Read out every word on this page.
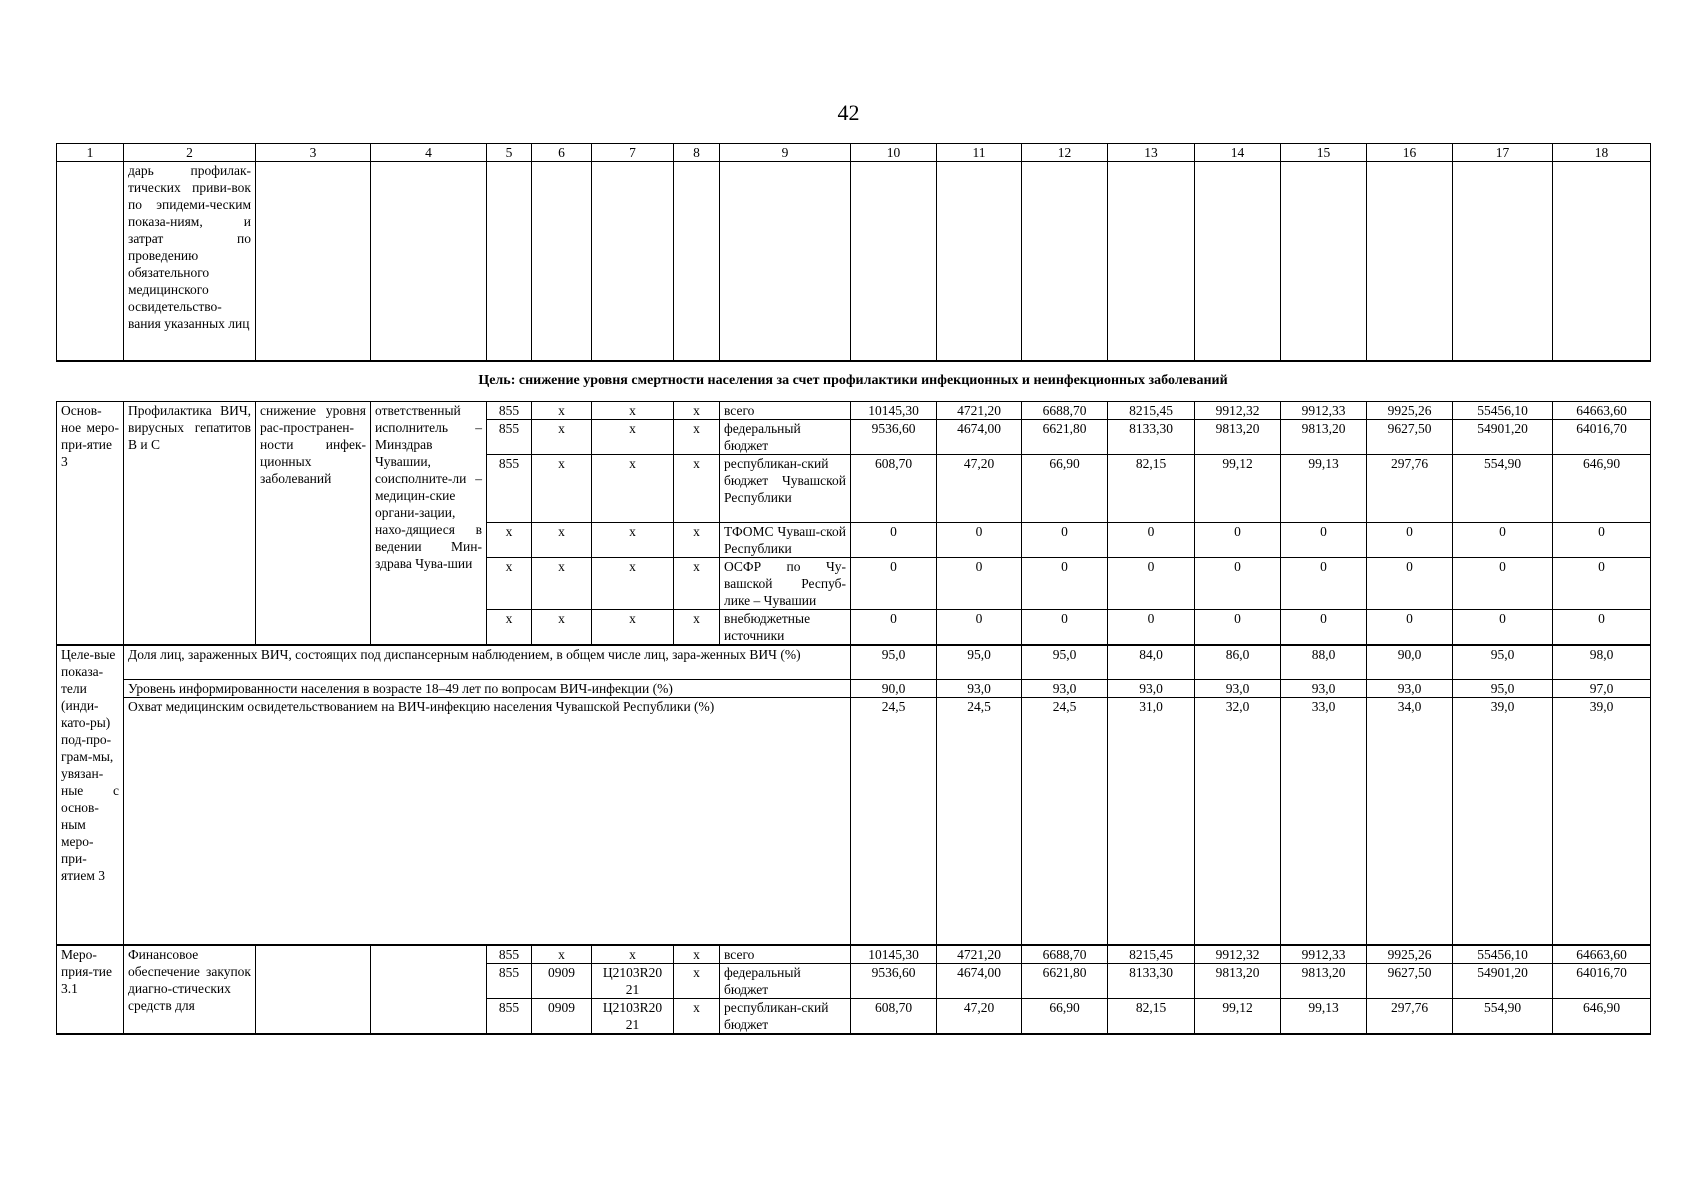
42
1	2	3	4	5	6	7	8	9	10	11	12	13	14	15	16	17	18
	дарь профилак-тических приви-вок по эпидеми-ческим показа-ниям, и затрат по проведению обязательного медицинского освидетельство-вания указанных лиц																
Цель: снижение уровня смертности населения за счет профилактики инфекционных и неинфекционных заболеваний
Основ-ное меро-при-ятие 3	Профилактика ВИЧ, вирусных гепатитов В и С	снижение уровня рас-пространен-ности инфек-ционных заболеваний	ответственный исполнитель – Минздрав Чувашии, соисполните-ли – медицин-ские органи-зации, нахо-дящиеся в ведении Мин-здрава Чува-шии	855	х	х	х	всего	10145,30	4721,20	6688,70	8215,45	9912,32	9912,33	9925,26	55456,10	64663,60
				855	х	х	х	федеральный бюджет	9536,60	4674,00	6621,80	8133,30	9813,20	9813,20	9627,50	54901,20	64016,70
				855	х	х	х	республикан-ский бюджет Чувашской Республики	608,70	47,20	66,90	82,15	99,12	99,13	297,76	554,90	646,90
				х	х	х	х	ТФОМС Чуваш-ской Республики	0	0	0	0	0	0	0	0	0
				х	х	х	х	ОСФР по Чу-вашской Респуб-лике – Чувашии	0	0	0	0	0	0	0	0	0
				х	х	х	х	внебюджетные источники	0	0	0	0	0	0	0	0	0
Целе-вые показа-тели (инди-като-ры) под-про-грам-мы, увязан-ные с основ-ным меро-при-ятием 3	Доля лиц, зараженных ВИЧ, состоящих под диспансерным наблюдением, в общем числе лиц, зара-женных ВИЧ (%)								95,0	95,0	95,0	84,0	86,0	88,0	90,0	95,0	98,0
	Уровень информированности населения в возрасте 18–49 лет по вопросам ВИЧ-инфекции (%)								90,0	93,0	93,0	93,0	93,0	93,0	93,0	95,0	97,0
	Охват медицинским освидетельствованием на ВИЧ-инфекцию населения Чувашской Республики (%)								24,5	24,5	24,5	31,0	32,0	33,0	34,0	39,0	39,0
Меро-прия-тие 3.1	Финансовое обеспечение закупок диагно-стических средств для			855	х	х	х	всего	10145,30	4721,20	6688,70	8215,45	9912,32	9912,33	9925,26	55456,10	64663,60
				855	0909	Ц2103R20 21	х	федеральный бюджет	9536,60	4674,00	6621,80	8133,30	9813,20	9813,20	9627,50	54901,20	64016,70
				855	0909	Ц2103R20 21	х	республикан-ский бюджет	608,70	47,20	66,90	82,15	99,12	99,13	297,76	554,90	646,90
